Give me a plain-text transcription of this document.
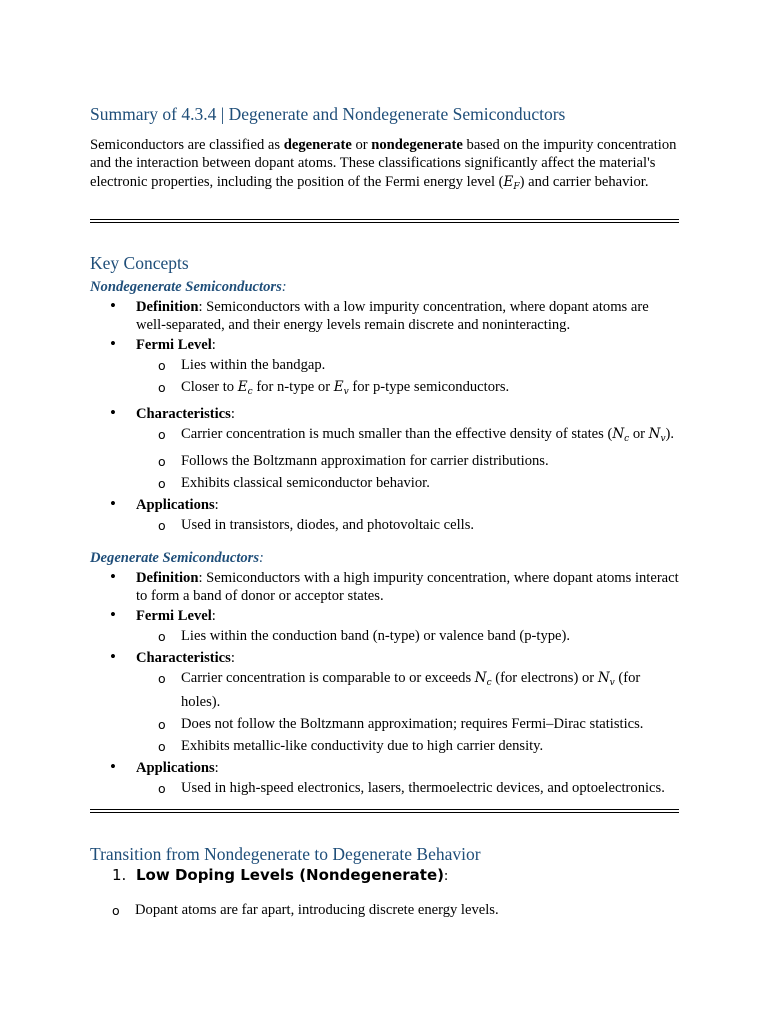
Summary of 4.3.4 | Degenerate and Nondegenerate Semiconductors

Semiconductors are classified as degenerate or nondegenerate based on the impurity concentration and the interaction between dopant atoms. These classifications significantly affect the material's electronic properties, including the position of the Fermi energy level $(E_F)$ and carrier behavior.

Key Concepts
Nondegenerate Semiconductors:
• Definition: Semiconductors with a low impurity concentration, where dopant atoms are well-separated, and their energy levels remain discrete and noninteracting.
• Fermi Level:
o Lies within the bandgap.
o Closer to $E_c$ for n-type or $E_v$ for p-type semiconductors.
• Characteristics:
o Carrier concentration is much smaller than the effective density of states ($N_c$ or $N_v$).
o Follows the Boltzmann approximation for carrier distributions.
o Exhibits classical semiconductor behavior.
• Applications:
o Used in transistors, diodes, and photovoltaic cells.
Degenerate Semiconductors:
• Definition: Semiconductors with a high impurity concentration, where dopant atoms interact to form a band of donor or acceptor states.
• Fermi Level:
o Lies within the conduction band (n-type) or valence band (p-type).
• Characteristics:
o Carrier concentration is comparable to or exceeds $N_c$ (for electrons) or $N_v$ (for holes).
o Does not follow the Boltzmann approximation; requires Fermi–Dirac statistics.
o Exhibits metallic-like conductivity due to high carrier density.
• Applications:
o Used in high-speed electronics, lasers, thermoelectric devices, and optoelectronics.
Transition from Nondegenerate to Degenerate Behavior
1. Low Doping Levels (Nondegenerate):
o Dopant atoms are far apart, introducing discrete energy levels.
